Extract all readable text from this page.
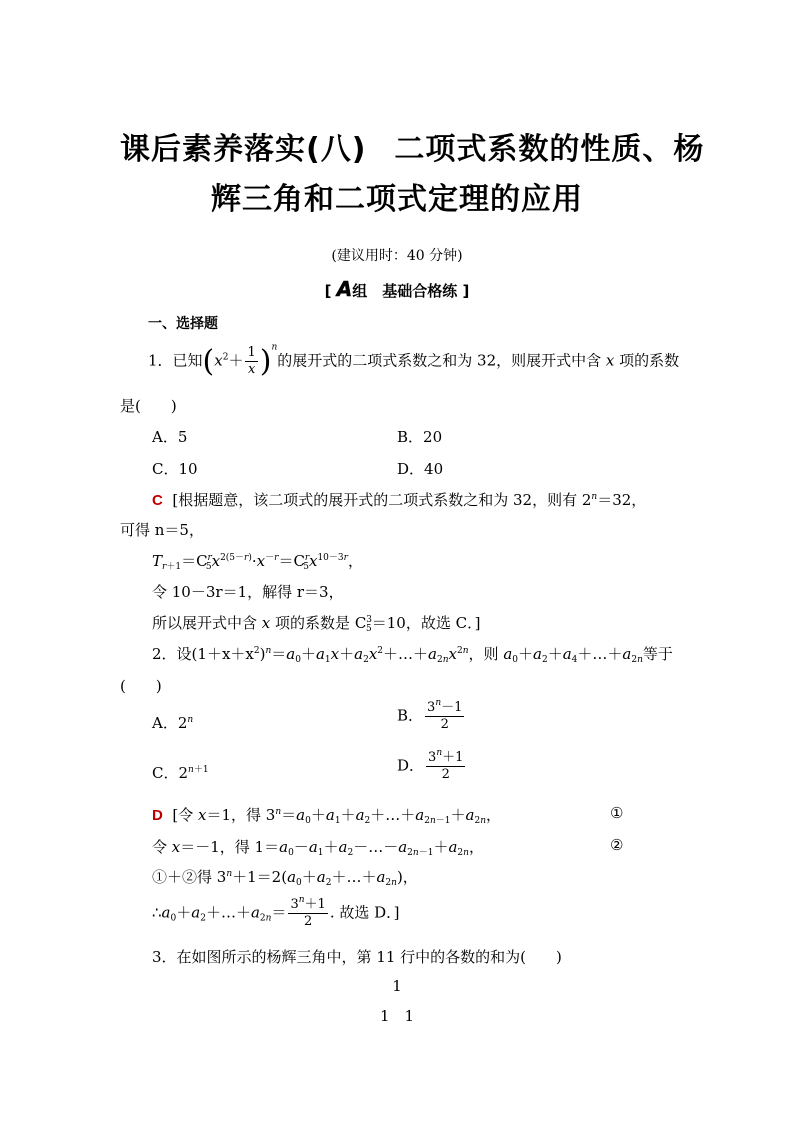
课后素养落实(八) 二项式系数的性质、杨
辉三角和二项式定理的应用
(建议用时：40 分钟)
[ A组　基础合格练 ]
一、选择题
1．已知$(x^2+ \frac{1}{x} )^n$的展开式的二项式系数之和为 32，则展开式中含 x 项的系数
是(　　)
A．5	B．20
C．10	D．40
C [根据题意，该二项式的展开式的二项式系数之和为 32，则有 $2^n=32$，
可得 n＝5，
$T_{r+1}=C^r_5x^{2(5-r)}\cdot x^{-r}=C^r_5x^{10-3r}$，
令 10－3r＝1，解得 r＝3，
所以展开式中含 x 项的系数是 $C^3_5=10$，故选 C．]
2．设$(1+x+x^2)^n=a_0+a_1x+a_2x^2+\dots+a_{2n}x^{2n}$，则 $a_0+a_2+a_4+\dots+a_{2n}$等于
(　　)
A．2$^n$	B． $\frac{3^n-1}{2}$
C．$2^{n+1}$	D． $\frac{3^n+1}{2}$
D  [令 x＝1，得 $3^n=a_0+a_1+a_2+\dots+a_{2n-1}+a_{2n}$，	①
令 x＝－1，得 $1=a_0-a_1+a_2-\dots-a_{2n-1}+a_{2n}$，	②
①＋②得 $3^n+1=2(a_0+a_2+\dots+a_{2n})$，
$\therefore a_0+a_2+\dots+a_{2n}= \frac{3^n+1}{2}$ . 故选 D．]
3．在如图所示的杨辉三角中，第 11 行中的各数的和为(　　)
1
1　1
